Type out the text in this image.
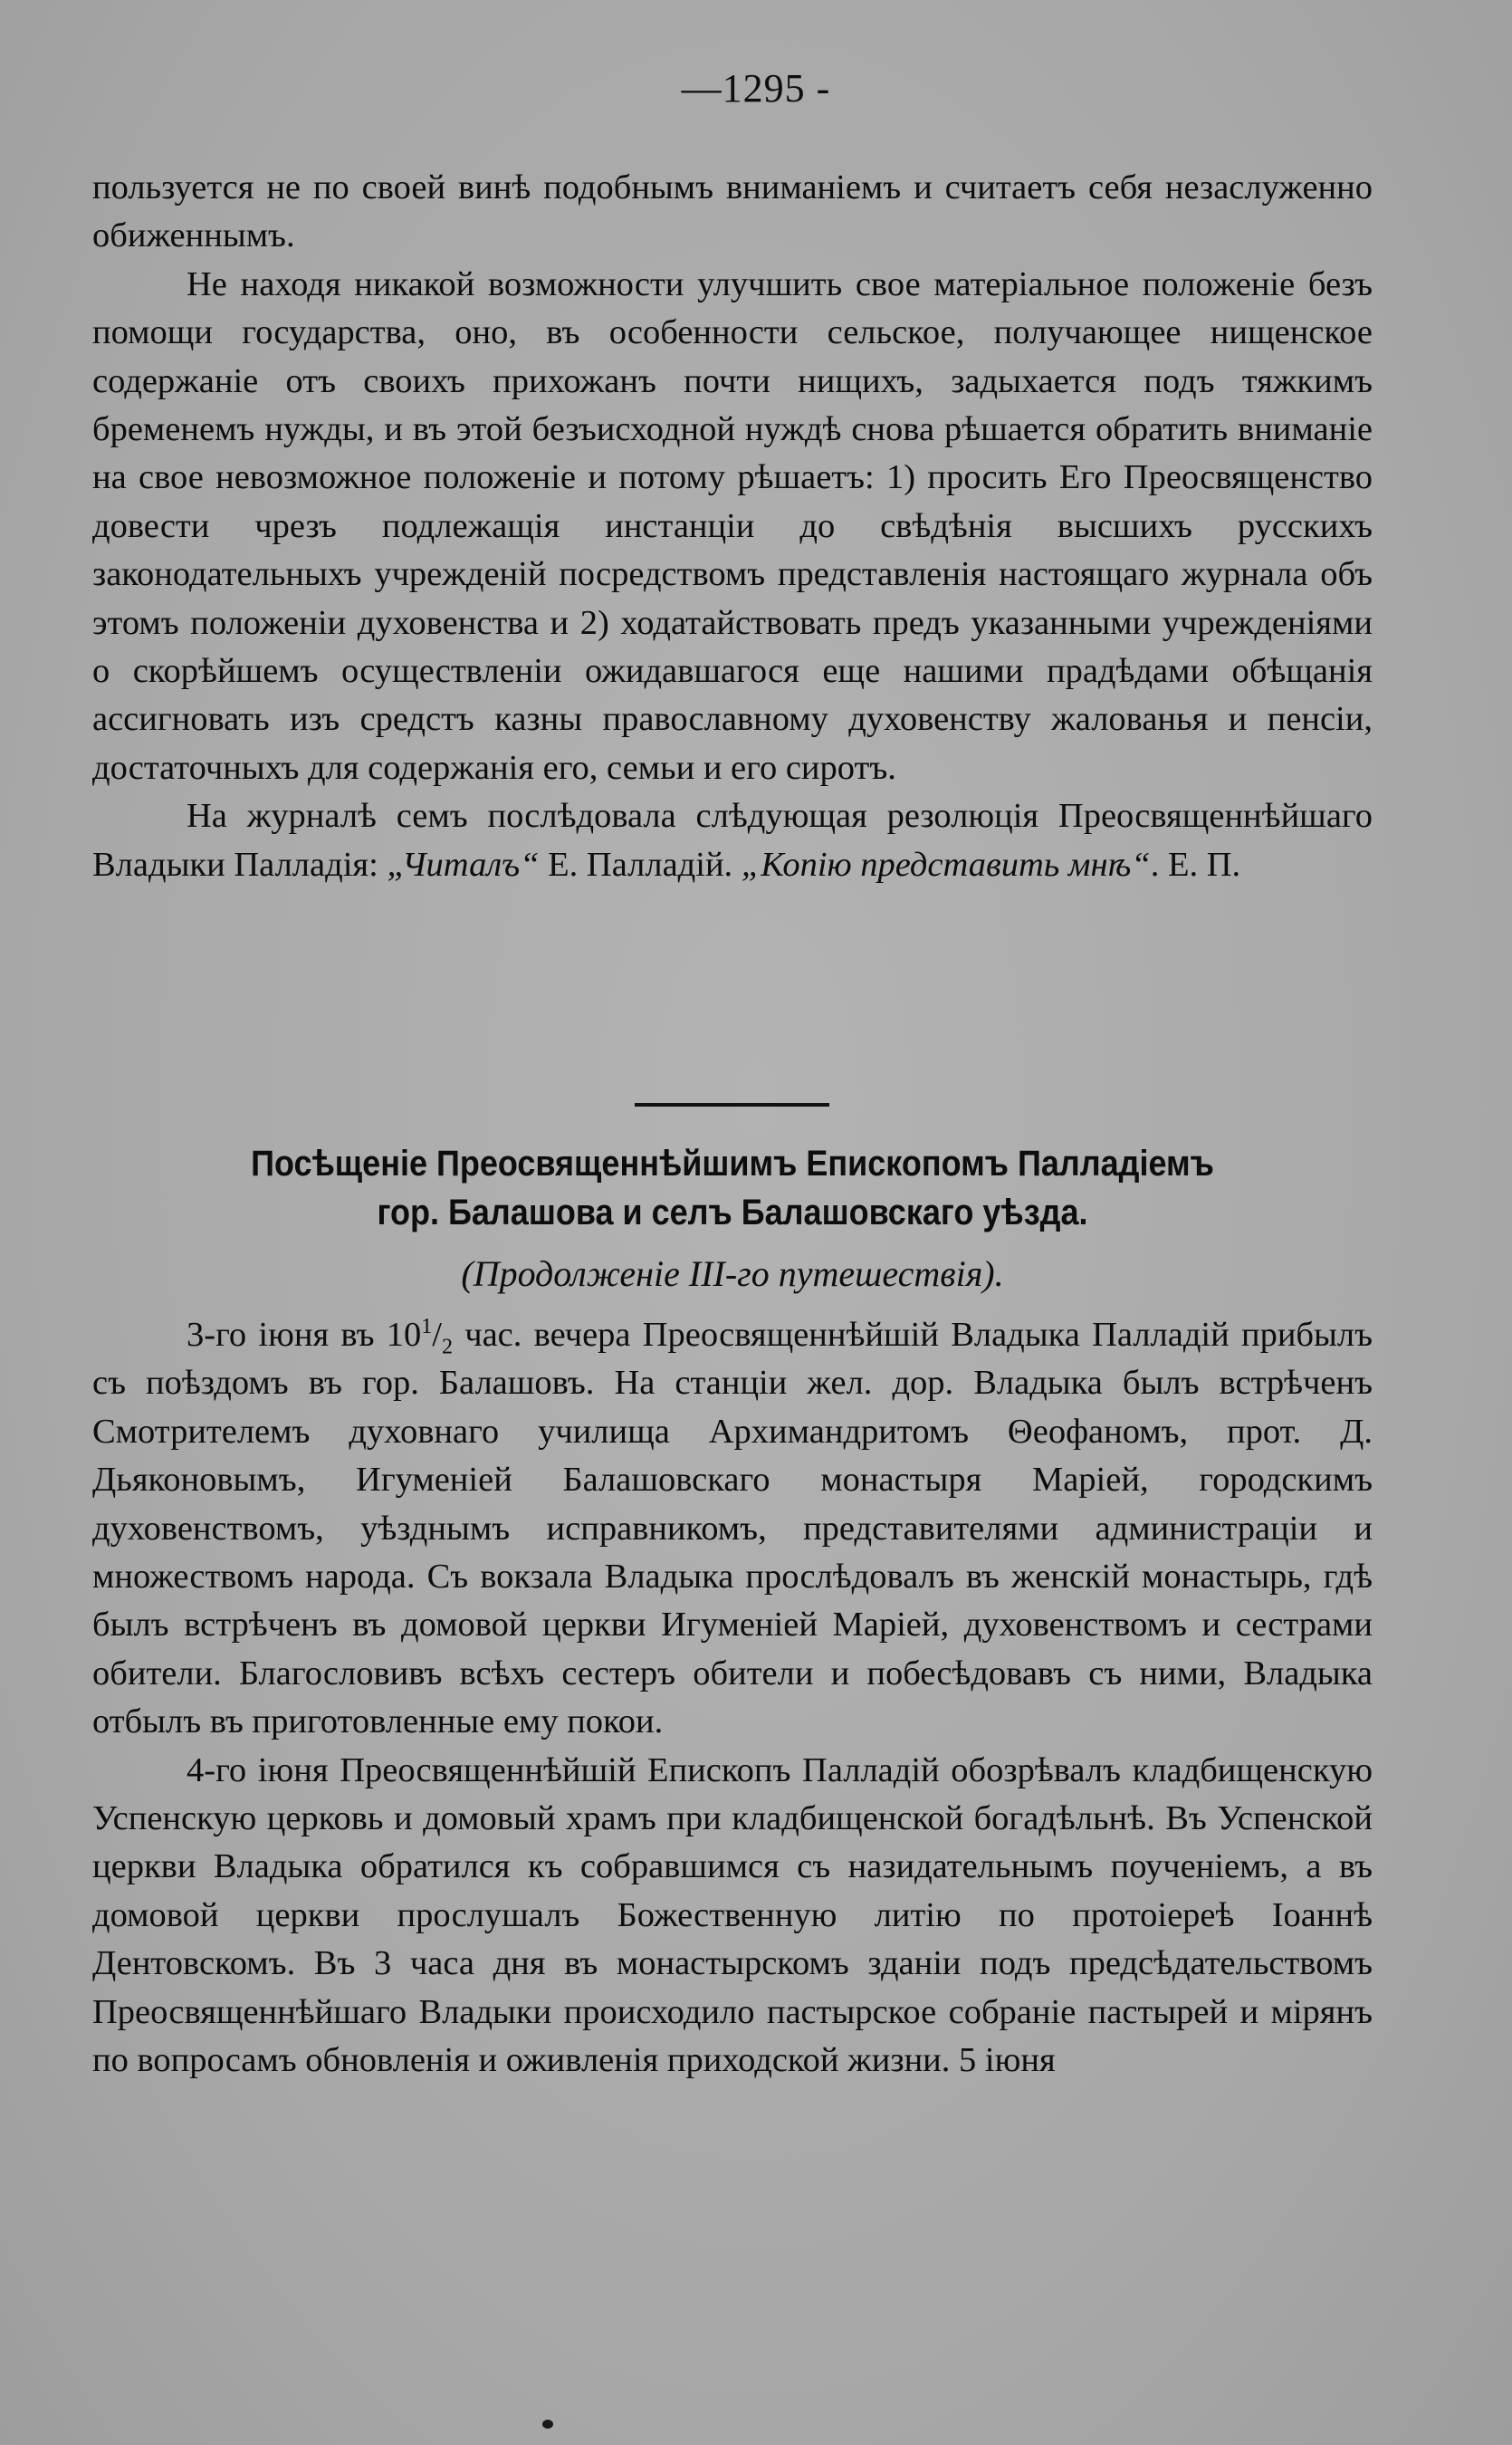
—1295 -

пользуется не по своей винѣ подобнымъ вниманіемъ и считаетъ себя незаслуженно обиженнымъ.

Не находя никакой возможности улучшить свое матеріальное положеніе безъ помощи государства, оно, въ особенности сельское, получающее нищенское содержаніе отъ своихъ прихожанъ почти нищихъ, задыхается подъ тяжкимъ бременемъ нужды, и въ этой безъисходной нуждѣ снова рѣшается обратить вниманіе на свое невозможное положеніе и потому рѣшаетъ: 1) просить Его Преосвященство довести чрезъ подлежащія инстанціи до свѣдѣнія высшихъ русскихъ законодательныхъ учрежденій посредствомъ представленія настоящаго журнала объ этомъ положеніи духовенства и 2) ходатайствовать предъ указанными учрежденіями о скорѣйшемъ осуществленіи ожидавшагося еще нашими прадѣдами обѣщанія ассигновать изъ средстъ казны православному духовенству жалованья и пенсіи, достаточныхъ для содержанія его, семьи и его сиротъ.

На журналѣ семъ послѣдовала слѣдующая резолюція Преосвященнѣйшаго Владыки Палладія: „Читалъ“ Е. Палладій. „Копію представить мнѣ“. Е. П.

Посѣщеніе Преосвященнѣйшимъ Епископомъ Палладіемъ
гор. Балашова и селъ Балашовскаго уѣзда.
(Продолженіе III-го путешествія).

3-го іюня въ $10^1/_2$ час. вечера Преосвященнѣйшій Владыка Палладій прибылъ съ поѣздомъ въ гор. Балашовъ. На станціи жел. дор. Владыка былъ встрѣченъ Смотрителемъ духовнаго училища Архимандритомъ Θеофаномъ, прот. Д. Дьяконовымъ, Игуменіей Балашовскаго монастыря Маріей, городскимъ духовенствомъ, уѣзднымъ исправникомъ, представителями администраціи и множествомъ народа. Съ вокзала Владыка прослѣдовалъ въ женскій монастырь, гдѣ былъ встрѣченъ въ домовой церкви Игуменіей Маріей, духовенствомъ и сестрами обители. Благословивъ всѣхъ сестеръ обители и побесѣдовавъ съ ними, Владыка отбылъ въ приготовленные ему покои.

4-го іюня Преосвященнѣйшій Епископъ Палладій обозрѣвалъ кладбищенскую Успенскую церковь и домовый храмъ при кладбищенской богадѣльнѣ. Въ Успенской церкви Владыка обратился къ собравшимся съ назидательнымъ поученіемъ, а въ домовой церкви прослушалъ Божественную литію по протоіереѣ Іоаннѣ Дентовскомъ. Въ 3 часа дня въ монастырскомъ зданіи подъ предсѣдательствомъ Преосвященнѣйшаго Владыки происходило пастырское собраніе пастырей и мірянъ по вопросамъ обновленія и оживленія приходской жизни. 5 іюня
